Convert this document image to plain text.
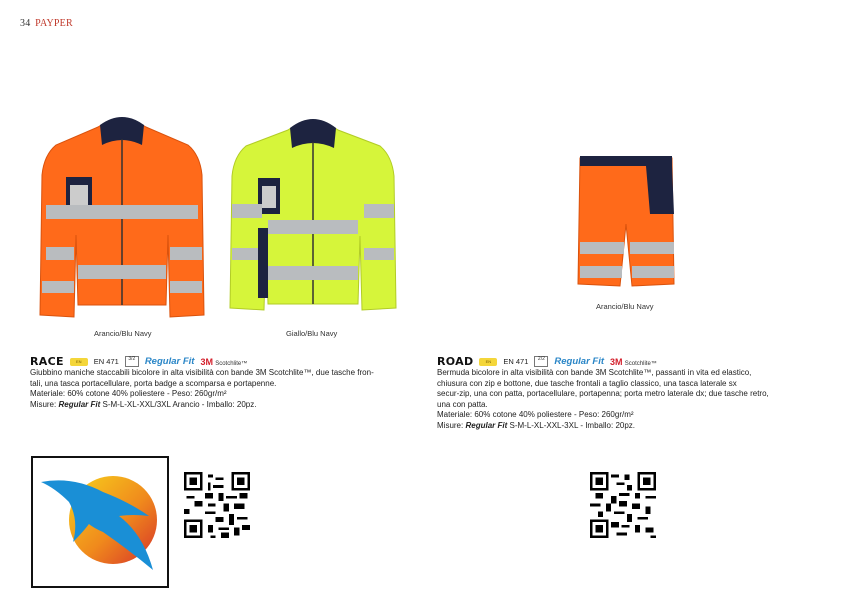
34 PAYPER
Arancio/Blu Navy	Giallo/Blu Navy
Arancio/Blu Navy
RACE	EN	EN 471	3/2	Regular Fit 3M Scotchlite™
Giubbino maniche staccabili bicolore in alta visibilità con bande 3M Scotchlite™, due tasche fron-
tali, una tasca portacellulare, porta badge a scomparsa e portapenne.
Materiale: 60% cotone 40% poliestere - Peso: 260gr/m²
Misure: Regular Fit S-M-L-XL-XXL/3XL Arancio - Imballo: 20pz.
ROAD	EN	EN 471	2/2	Regular Fit 3M Scotchlite™
Bermuda bicolore in alta visibilità con bande 3M Scotchlite™, passanti in vita ed elastico,
chiusura con zip e bottone, due tasche frontali a taglio classico, una tasca laterale sx
secur-zip, una con patta, portacellulare, portapenna; porta metro laterale dx; due tasche retro,
una con patta.
Materiale: 60% cotone 40% poliestere - Peso: 260gr/m²
Misure: Regular Fit S-M-L-XL-XXL-3XL - Imballo: 20pz.
